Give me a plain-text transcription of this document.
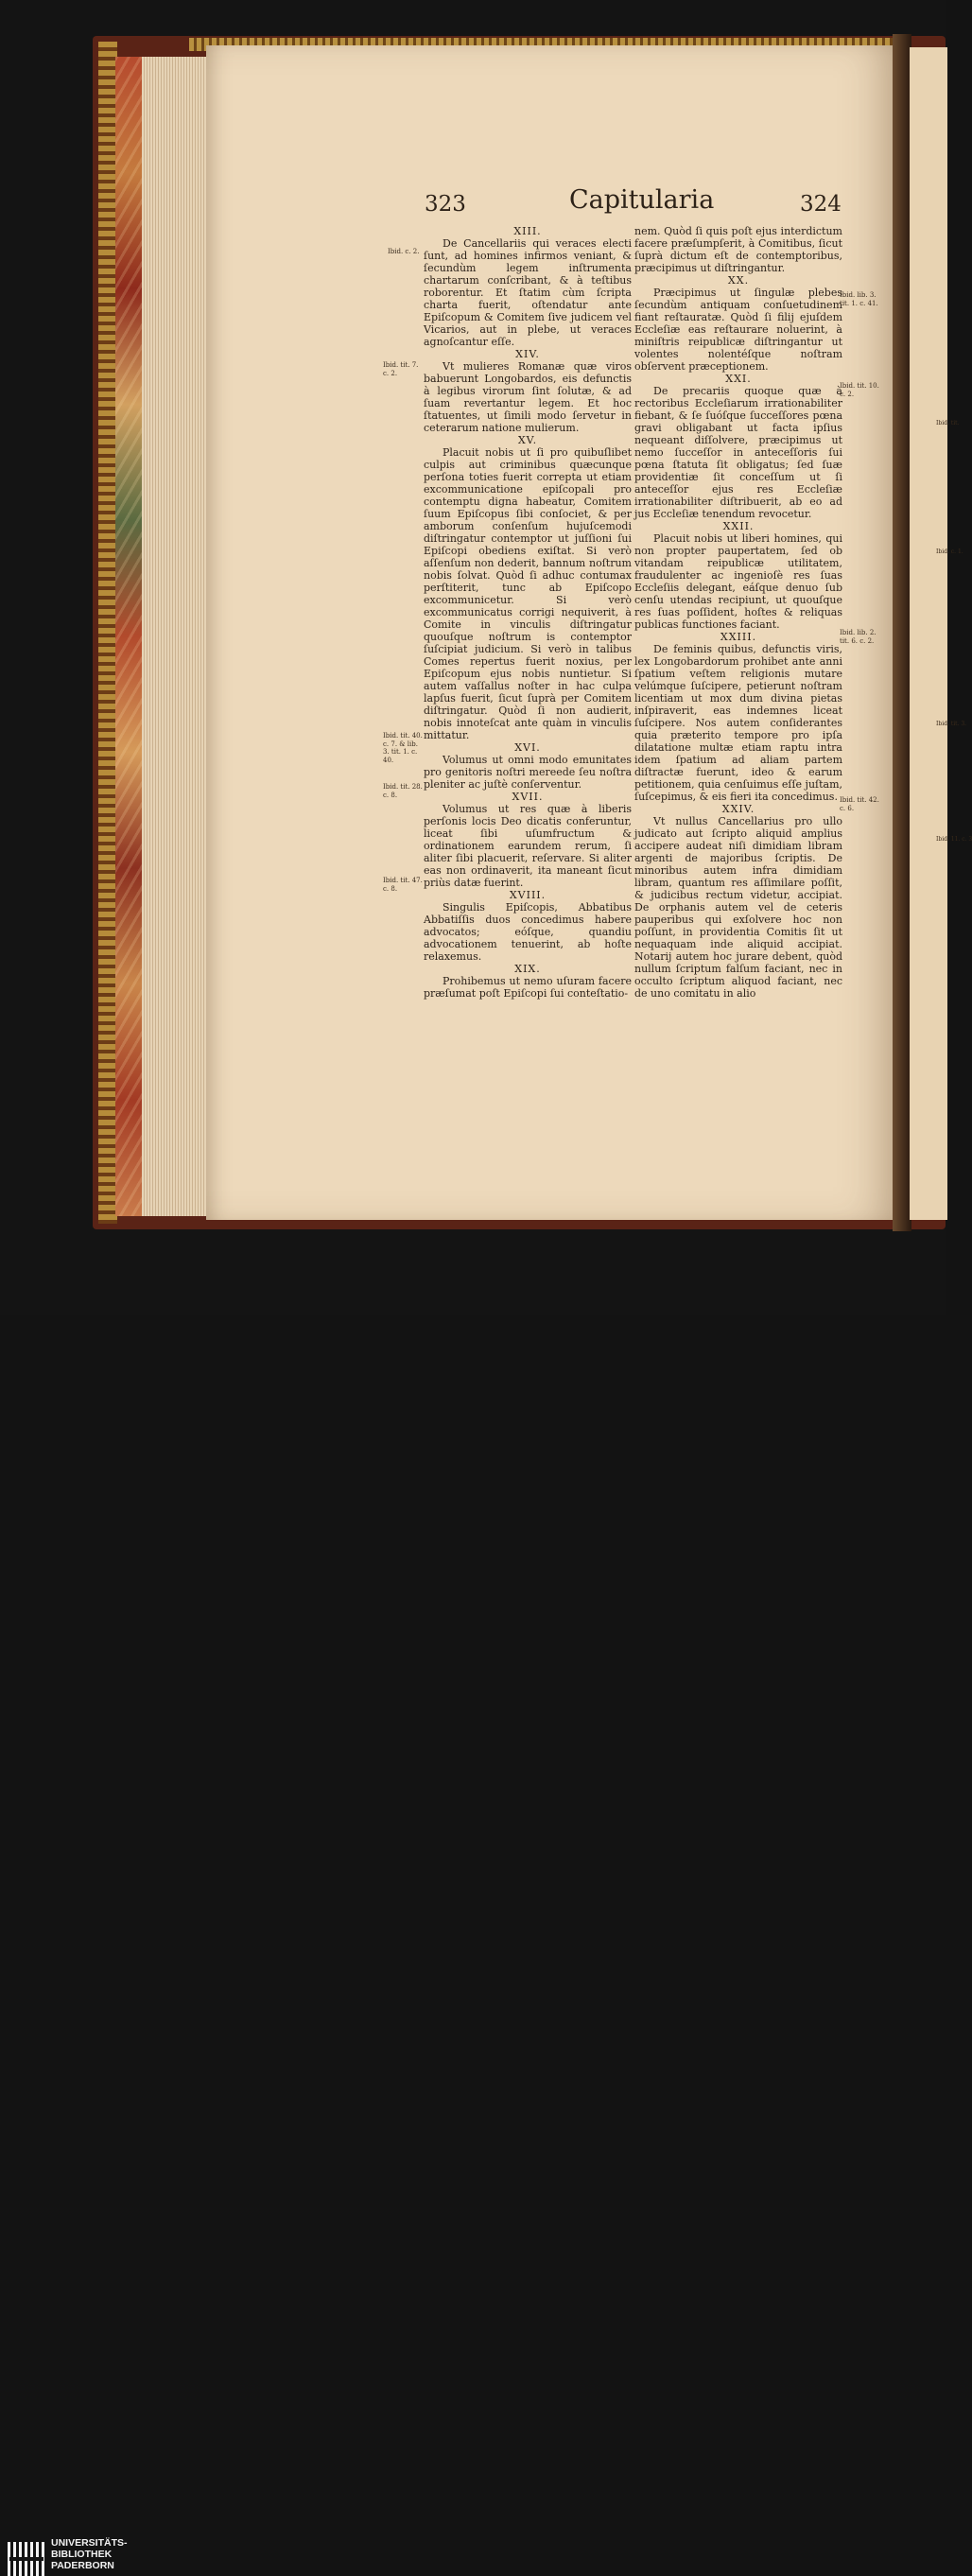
323	Capitularia	324

XIII.

De Cancellariis qui veraces electi ſunt, ad homines infirmos veniant, & ſecundùm legem inſtrumenta chartarum conſcribant, & à teſtibus roborentur. Et ſtatim cùm ſcripta charta fuerit, oſtendatur ante Epiſcopum & Comitem ſive judicem vel Vicarios, aut in plebe, ut veraces agnoſcantur eſſe.

XIV.

Vt mulieres Romanæ quæ viros babuerunt Longobardos, eis defunctis à legibus virorum ſint ſolutæ, & ad ſuam revertantur legem. Et hoc ſtatuentes, ut ſimili modo ſervetur in ceterarum natione mulierum.

XV.

Placuit nobis ut ſi pro quibuſlibet culpis aut criminibus quæcunque perſona toties fuerit correpta ut etiam excommunicatione epiſcopali pro contemptu digna habeatur, Comitem ſuum Epiſcopus ſibi conſociet, & per amborum conſenſum hujuſcemodi diſtringatur contemptor ut juſſioni ſui Epiſcopi obediens exiſtat. Si verò aſſenſum non dederit, bannum noſtrum nobis ſolvat. Quòd ſi adhuc contumax perſtiterit, tunc ab Epiſcopo excommunicetur. Si verò excommunicatus corrigi nequiverit, à Comite in vinculis diſtringatur quouſque noſtrum is contemptor ſuſcipiat judicium. Si verò in talibus Comes repertus fuerit noxius, per Epiſcopum ejus nobis nuntietur. Si autem vaſſallus noſter in hac culpa lapſus fuerit, ſicut ſuprà per Comitem diſtringatur. Quòd ſi non audierit, nobis innoteſcat ante quàm in vinculis mittatur.

XVI.

Volumus ut omni modo emunitates pro genitoris noſtri mereede ſeu noſtra pleniter ac juſtè conſerventur.

XVII.

Volumus ut res quæ à liberis perſonis locis Deo dicatis conferuntur, liceat ſibi uſumfructum & ordinationem earundem rerum, ſi aliter ſibi placuerit, reſervare. Si aliter eas non ordinaverit, ita maneant ſicut priùs datæ fuerint.

XVIII.

Singulis Epiſcopis, Abbatibus Abbatiſſis duos concedimus habere advocatos; eóſque, quandiu advocationem tenuerint, ab hoſte relaxemus.

XIX.

Prohibemus ut nemo uſuram facere præſumat poſt Epiſcopi ſui conteſtatio-

nem. Quòd ſi quis poſt ejus interdictum facere præſumpſerit, à Comitibus, ſicut ſuprà dictum eſt de contemptoribus, præcipimus ut diſtringantur.

XX.

Præcipimus ut ſingulæ plebes ſecundùm antiquam conſuetudinem fiant reſtauratæ. Quòd ſi filij ejuſdem Eccleſiæ eas reſtaurare noluerint, à miniſtris reipublicæ diſtringantur ut volentes nolentéſque noſtram obſervent præceptionem.

XXI.

De precariis quoque quæ à rectoribus Eccleſiarum irrationabiliter fiebant, & ſe ſuóſque ſucceſſores pœna gravi obligabant ut facta ipſius nequeant diſſolvere, præcipimus ut nemo ſucceſſor in anteceſſoris ſui pœna ſtatuta ſit obligatus; ſed ſuæ providentiæ ſit conceſſum ut ſi anteceſſor ejus res Eccleſiæ irrationabiliter diſtribuerit, ab eo ad jus Eccleſiæ tenendum revocetur.

XXII.

Placuit nobis ut liberi homines, qui non propter paupertatem, ſed ob vitandam reipublicæ utilitatem, fraudulenter ac ingenioſè res ſuas Eccleſiis delegant, eáſque denuo ſub cenſu utendas recipiunt, ut quouſque res ſuas poſſident, hoſtes & reliquas publicas functiones faciant.

XXIII.

De feminis quibus, defunctis viris, lex Longobardorum prohibet ante anni ſpatium veſtem religionis mutare velúmque ſuſcipere, petierunt noſtram licentiam ut mox dum divina pietas inſpiraverit, eas indemnes liceat ſuſcipere. Nos autem conſiderantes quia præterito tempore pro ipſa dilatatione multæ etiam raptu intra idem ſpatium ad aliam partem diſtractæ fuerunt, ideo & earum petitionem, quia cenſuimus eſſe juſtam, ſuſcepimus, & eis fieri ita concedimus.

XXIV.

Vt nullus Cancellarius pro ullo judicato aut ſcripto aliquid amplius accipere audeat niſi dimidiam libram argenti de majoribus ſcriptis. De minoribus autem infra dimidiam libram, quantum res aſſimilare poſſit, & judicibus rectum videtur, accipiat. De orphanis autem vel de ceteris pauperibus qui exſolvere hoc non poſſunt, in providentia Comitis ſit ut nequaquam inde aliquid accipiat. Notarij autem hoc jurare debent, quòd nullum ſcriptum falſum faciant, nec in occulto ſcriptum aliquod faciant, nec de uno comitatu in alio

Ibid. c. 2.
Ibid. tit. 7. c. 2.
Ibid. tit. 40. c. 7. & lib. 3. tit. 1. c. 40.
Ibid. tit. 28. c. 8.
Ibid. tit. 47. c. 8.
Ibid. lib. 3. tit. 1. c. 41.
Ibid. tit. 10. c. 2.
Ibid. lib. 2. tit. 6. c. 2.
Ibid. tit. 42. c. 6.
Ibid. tit.
Ibid. c. 1.
Ibid. tit. 3.
Ibid. 11. c. 3
UNIVERSITÄTS-
BIBLIOTHEK
PADERBORN
